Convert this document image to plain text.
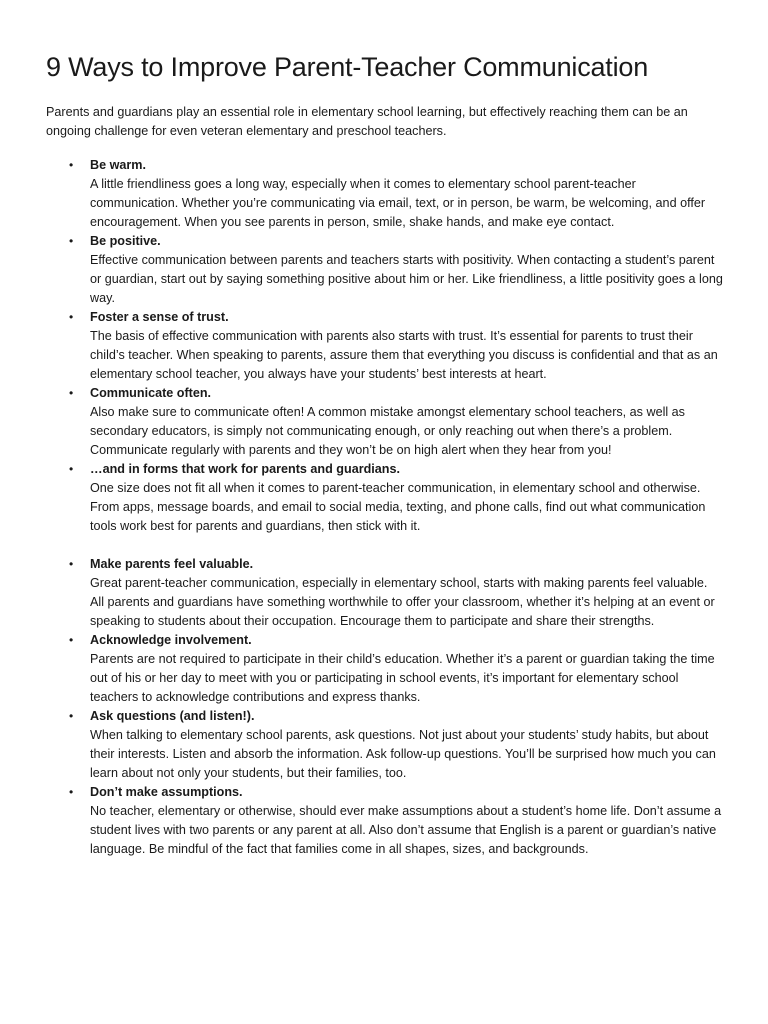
9 Ways to Improve Parent-Teacher Communication

Parents and guardians play an essential role in elementary school learning, but effectively reaching them can be an ongoing challenge for even veteran elementary and preschool teachers.

• Be warm.
A little friendliness goes a long way, especially when it comes to elementary school parent-teacher communication. Whether you’re communicating via email, text, or in person, be warm, be welcoming, and offer encouragement. When you see parents in person, smile, shake hands, and make eye contact.
• Be positive.
Effective communication between parents and teachers starts with positivity. When contacting a student’s parent or guardian, start out by saying something positive about him or her. Like friendliness, a little positivity goes a long way.
• Foster a sense of trust.
The basis of effective communication with parents also starts with trust. It’s essential for parents to trust their child’s teacher. When speaking to parents, assure them that everything you discuss is confidential and that as an elementary school teacher, you always have your students’ best interests at heart.
• Communicate often.
Also make sure to communicate often! A common mistake amongst elementary school teachers, as well as secondary educators, is simply not communicating enough, or only reaching out when there’s a problem. Communicate regularly with parents and they won’t be on high alert when they hear from you!
• …and in forms that work for parents and guardians.
One size does not fit all when it comes to parent-teacher communication, in elementary school and otherwise. From apps, message boards, and email to social media, texting, and phone calls, find out what communication tools work best for parents and guardians, then stick with it.
• Make parents feel valuable.
Great parent-teacher communication, especially in elementary school, starts with making parents feel valuable. All parents and guardians have something worthwhile to offer your classroom, whether it’s helping at an event or speaking to students about their occupation. Encourage them to participate and share their strengths.
• Acknowledge involvement.
Parents are not required to participate in their child’s education. Whether it’s a parent or guardian taking the time out of his or her day to meet with you or participating in school events, it’s important for elementary school teachers to acknowledge contributions and express thanks.
• Ask questions (and listen!).
When talking to elementary school parents, ask questions. Not just about your students’ study habits, but about their interests. Listen and absorb the information. Ask follow-up questions. You’ll be surprised how much you can learn about not only your students, but their families, too.
• Don’t make assumptions.
No teacher, elementary or otherwise, should ever make assumptions about a student’s home life. Don’t assume a student lives with two parents or any parent at all. Also don’t assume that English is a parent or guardian’s native language. Be mindful of the fact that families come in all shapes, sizes, and backgrounds.
